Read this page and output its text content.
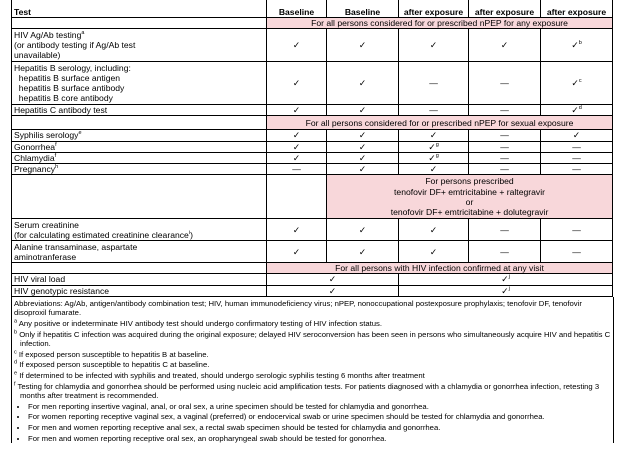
Test	Baseline	Baseline	after exposure	after exposure	after exposure
	For all persons considered for or prescribed nPEP for any exposure				
HIV Ag/Ab testing$^a$
(or antibody testing if Ag/Ab test
unavailable)	✓	✓	✓	✓	✓$^b$
Hepatitis B serology, including:
hepatitis B surface antigen
hepatitis B surface antibody
hepatitis B core antibody	✓	✓	—	—	✓$^c$
Hepatitis C antibody test	✓	✓	—	—	✓$^d$
	For all persons considered for or prescribed nPEP for sexual exposure				
Syphilis serology$^e$	✓	✓	✓	—	✓
Gonorrhea$^f$	✓	✓	✓$^g$	—	—
Chlamydia$^f$	✓	✓	✓$^g$	—	—
Pregnancy$^h$	—	✓	✓	—	—
		For persons prescribed
tenofovir DF+ emtricitabine + raltegravir
or
tenofovir DF+ emtricitabine + dolutegravir			
Serum creatinine
(for calculating estimated creatinine clearance$^i$)	✓	✓	✓	—	—
Alanine transaminase, aspartate
aminotranferase	✓	✓	✓	—	—
	For all persons with HIV infection confirmed at any visit				
HIV viral load	✓		✓$^j$
HIV genotypic resistance	✓		✓$^j$

Abbreviations: Ag/Ab, antigen/antibody combination test; HIV, human immunodeficiency virus; nPEP, nonoccupational postexposure prophylaxis; tenofovir DF, tenofovir disoproxil fumarate.

$^a$ Any positive or indeterminate HIV antibody test should undergo confirmatory testing of HIV infection status.

$^b$ Only if hepatitis C infection was acquired during the original exposure; delayed HIV seroconversion has been seen in persons who simultaneously acquire HIV and hepatitis C infection.

$^c$ If exposed person susceptible to hepatitis B at baseline.

$^d$ If exposed person susceptible to hepatitis C at baseline.

$^e$ If determined to be infected with syphilis and treated, should undergo serologic syphilis testing 6 months after treatment

$^f$ Testing for chlamydia and gonorrhea should be performed using nucleic acid amplification tests. For patients diagnosed with a chlamydia or gonorrhea infection, retesting 3 months after treatment is recommended.

• For men reporting insertive vaginal, anal, or oral sex, a urine specimen should be tested for chlamydia and gonorrhea.
• For women reporting receptive vaginal sex, a vaginal (preferred) or endocervical swab or urine specimen should be tested for chlamydia and gonorrhea.
• For men and women reporting receptive anal sex, a rectal swab specimen should be tested for chlamydia and gonorrhea.
• For men and women reporting receptive oral sex, an oropharyngeal swab should be tested for gonorrhea.
